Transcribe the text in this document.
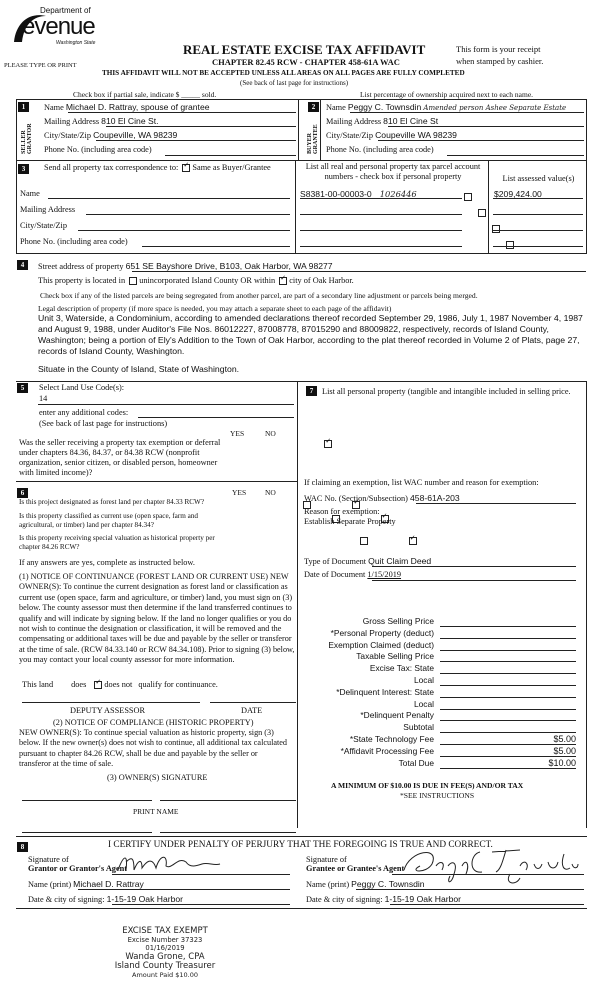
Department of
evenue
Washington State
PLEASE TYPE OR PRINT
REAL ESTATE EXCISE TAX AFFIDAVIT
CHAPTER 82.45 RCW - CHAPTER 458-61A WAC
This form is your receipt
when stamped by cashier.
THIS AFFIDAVIT WILL NOT BE ACCEPTED UNLESS ALL AREAS ON ALL PAGES ARE FULLY COMPLETED
(See back of last page for instructions)
Check box if partial sale, indicate $ _____ sold.	List percentage of ownership acquired next to each name.
1
SELLER GRANTOR
Name Michael D. Rattray, spouse of grantee
Mailing Address 810 El Cine St.
City/State/Zip Coupeville, WA 98239
Phone No. (including area code)
2
BUYER GRANTEE
Name Peggy C. Townsdin Amended person Ashee Separate Estate
Mailing Address 810 El Cine St
City/State/Zip Coupeville WA 98239
Phone No. (including area code)
3	Send all property tax correspondence to: ✓ Same as Buyer/Grantee
Name
Mailing Address
City/State/Zip
Phone No. (including area code)

List all real and personal property tax parcel account numbers - check box if personal property	List assessed value(s)
S8381-00-00003-0 1026446	$209,424.00

4	Street address of property 651 SE Bayshore Drive, B103, Oak Harbor, WA 98277
This property is located in unincorporated Island County OR within ✓ city of Oak Harbor.
Check box if any of the listed parcels are being segregated from another parcel, are part of a secondary line adjustment or parcels being merged.
Legal description of property (if more space is needed, you may attach a separate sheet to each page of the affidavit)

Unit 3, Waterside, a Condominium, according to amended declarations thereof recorded September 29, 1986, July 1, 1987 November 4, 1987 and August 9, 1988, under Auditor's File Nos. 86012227, 87008778, 87015290 and 88009822, respectively, records of Island County, Washington; being a portion of Ely's Addition to the Town of Oak Harbor, according to the plat thereof recorded in Volume 2 of Plats, page 27, records of Island County, Washington.

Situate in the County of Island, State of Washington.
5	Select Land Use Code(s):
14
enter any additional codes:
(See back of last page for instructions)
YES	NO
✓

Was the seller receiving a property tax exemption or deferral under chapters 84.36, 84.37, or 84.38 RCW (nonprofit organization, senior citizen, or disabled person, homeowner with limited income)?

6	YES	NO

Is this project designated as forest land per chapter 84.33 RCW?

✓

Is this property classified as current use (open space, farm and agricultural, or timber) land per chapter 84.34?

✓

Is this property receiving special valuation as historical property per chapter 84.26 RCW?

✓
If any answers are yes, complete as instructed below.

(1) NOTICE OF CONTINUANCE (FOREST LAND OR CURRENT USE) NEW OWNER(S): To continue the current designation as forest land or classification as current use (open space, farm and agriculture, or timber) land, you must sign on (3) below. The county assessor must then determine if the land transferred continues to qualify and will indicate by signing below. If the land no longer qualifies or you do not wish to continue the designation or classification, it will be removed and the compensating or additional taxes will be due and payable by the seller or transferor at the time of sale. (RCW 84.33.140 or RCW 84.34.108). Prior to signing (3) below, you may contact your local county assessor for more information.

This land does ✓ does not qualify for continuance.
DEPUTY ASSESSOR	DATE
(2) NOTICE OF COMPLIANCE (HISTORIC PROPERTY)

NEW OWNER(S): To continue special valuation as historic property, sign (3) below. If the new owner(s) does not wish to continue, all additional tax calculated pursuant to chapter 84.26 RCW, shall be due and payable by the seller or transferor at the time of sale.

(3) OWNER(S) SIGNATURE
PRINT NAME
7	List all personal property (tangible and intangible included in selling price.

If claiming an exemption, list WAC number and reason for exemption:
WAC No. (Section/Subsection) 458-61A-203
Reason for exemption:
Establish Separate Property
Type of Document Quit Claim Deed
Date of Document 1/15/2019
Gross Selling Price
*Personal Property (deduct)
Exemption Claimed (deduct)
Taxable Selling Price
Excise Tax: State
Local
*Delinquent Interest: State
Local
*Delinquent Penalty
Subtotal
*State Technology Fee	$5.00
*Affidavit Processing Fee	$5.00
Total Due	$10.00
A MINIMUM OF $10.00 IS DUE IN FEE(S) AND/OR TAX
*SEE INSTRUCTIONS
8	I CERTIFY UNDER PENALTY OF PERJURY THAT THE FOREGOING IS TRUE AND CORRECT.
Signature of
Grantor or Grantor's Agent
Name (print) Michael D. Rattray
Date & city of signing: 1-15-19 Oak Harbor
Signature of
Grantee or Grantee's Agent
Name (print) Peggy C. Townsdin
Date & city of signing: 1-15-19 Oak Harbor
EXCISE TAX EXEMPT
Excise Number 37323
01/16/2019
Wanda Grone, CPA
Island County Treasurer
Amount Paid $10.00
